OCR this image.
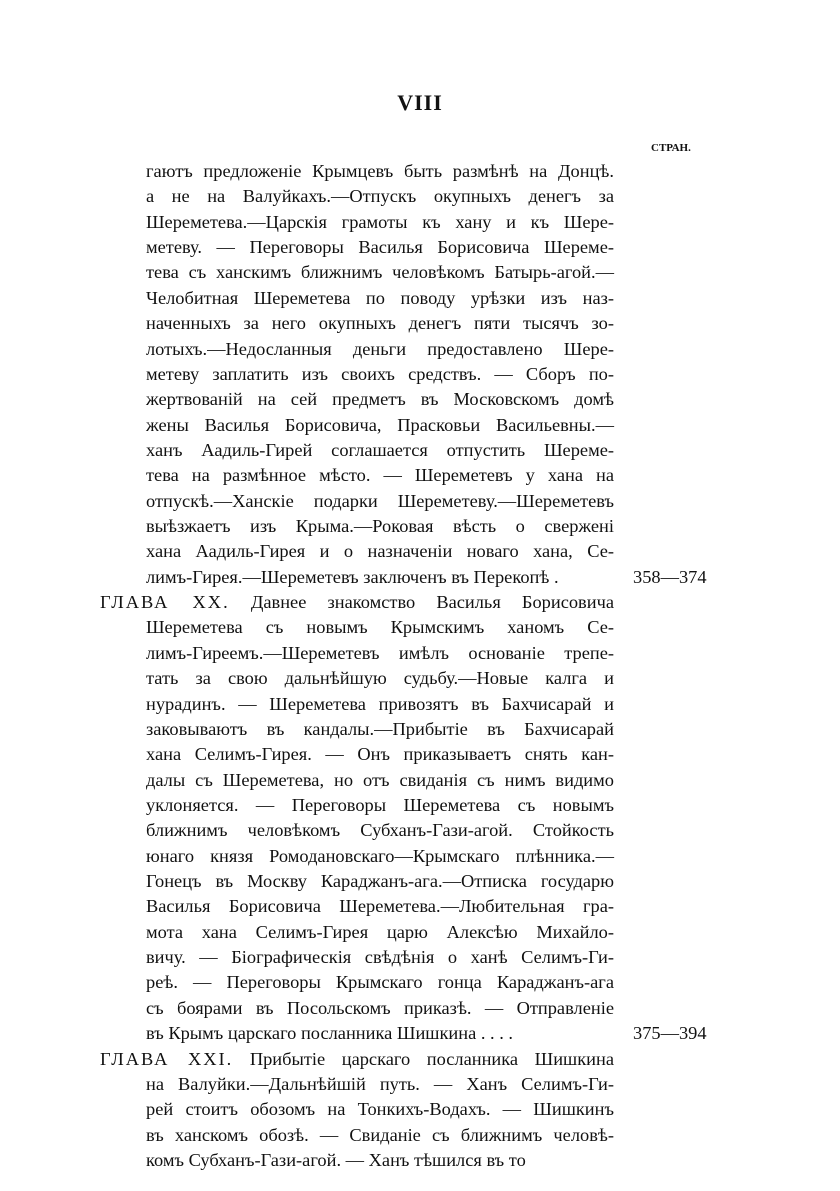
VIII
СТРАН.
гаютъ предложеніе Крымцевъ быть размѣнѣ на Донцѣ.
а не на Валуйкахъ.—Отпускъ окупныхъ денегъ за
Шереметева.—Царскія грамоты къ хану и къ Шере-
метеву. — Переговоры Василья Борисовича Шереме-
тева съ ханскимъ ближнимъ человѣкомъ Батырь-агой.—
Челобитная Шереметева по поводу урѣзки изъ наз-
наченныхъ за него окупныхъ денегъ пяти тысячъ зо-
лотыхъ.—Недосланныя деньги предоставлено Шере-
метеву заплатить изъ своихъ средствъ. — Сборъ по-
жертвованій на сей предметъ въ Московскомъ домѣ
жены Василья Борисовича, Прасковьи Васильевны.—
ханъ Аадиль-Гирей соглашается отпустить Шереме-
тева на размѣнное мѣсто. — Шереметевъ у хана на
отпускѣ.—Ханскіе подарки Шереметеву.—Шереметевъ
выѣзжаетъ изъ Крыма.—Роковая вѣсть о свержені
хана Аадиль-Гирея и о назначеніи новаго хана, Се-
лимъ-Гирея.—Шереметевъ заключенъ въ Перекопѣ .	358—374
ГЛАВА XX. Давнее знакомство Василья Борисовича
Шереметева съ новымъ Крымскимъ ханомъ Се-
лимъ-Гиреемъ.—Шереметевъ имѣлъ основаніе трепе-
тать за свою дальнѣйшую судьбу.—Новые калга и
нурадинъ. — Шереметева привозятъ въ Бахчисарай и
заковываютъ въ кандалы.—Прибытіе въ Бахчисарай
хана Селимъ-Гирея. — Онъ приказываетъ снять кан-
далы съ Шереметева, но отъ свиданія съ нимъ видимо
уклоняется. — Переговоры Шереметева съ новымъ
ближнимъ человѣкомъ Субханъ-Гази-агой. Стойкость
юнаго князя Ромодановскаго—Крымскаго плѣнника.—
Гонецъ въ Москву Караджанъ-ага.—Отписка государю
Василья Борисовича Шереметева.—Любительная гра-
мота хана Селимъ-Гирея царю Алексѣю Михайло-
вичу. — Біографическія свѣдѣнія о ханѣ Селимъ-Ги-
реѣ. — Переговоры Крымскаго гонца Караджанъ-ага
съ боярами въ Посольскомъ приказѣ. — Отправленіе
въ Крымъ царскаго посланника Шишкина . . . .	375—394
ГЛАВА XXI. Прибытіе царскаго посланника Шишкина
на Валуйки.—Дальнѣйшій путь. — Ханъ Селимъ-Ги-
рей стоитъ обозомъ на Тонкихъ-Водахъ. — Шишкинъ
въ ханскомъ обозѣ. — Свиданіе съ ближнимъ человѣ-
комъ Субханъ-Гази-агой. — Ханъ тѣшился въ то
